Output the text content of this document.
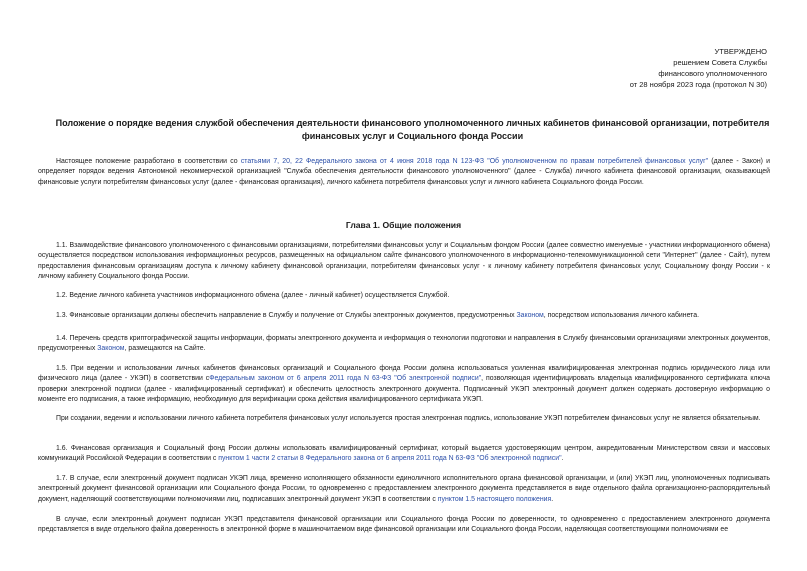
УТВЕРЖДЕНО
решением Совета Службы
финансового уполномоченного
от 28 ноября 2023 года (протокол N 30)
Положение о порядке ведения службой обеспечения деятельности финансового уполномоченного личных кабинетов финансовой организации, потребителя финансовых услуг и Социального фонда России
Настоящее положение разработано в соответствии со статьями 7, 20, 22 Федерального закона от 4 июня 2018 года N 123-ФЗ "Об уполномоченном по правам потребителей финансовых услуг" (далее - Закон) и определяет порядок ведения Автономной некоммерческой организацией "Служба обеспечения деятельности финансового уполномоченного" (далее - Служба) личного кабинета финансовой организации, оказывающей финансовые услуги потребителям финансовых услуг (далее - финансовая организация), личного кабинета потребителя финансовых услуг и личного кабинета Социального фонда России.
Глава 1. Общие положения
1.1. Взаимодействие финансового уполномоченного с финансовыми организациями, потребителями финансовых услуг и Социальным фондом России (далее совместно именуемые - участники информационного обмена) осуществляется посредством использования информационных ресурсов, размещенных на официальном сайте финансового уполномоченного в информационно-телекоммуникационной сети "Интернет" (далее - Сайт), путем предоставления финансовым организациям доступа к личному кабинету финансовой организации, потребителям финансовых услуг - к личному кабинету потребителя финансовых услуг, Социальному фонду России - к личному кабинету Социального фонда России.
1.2. Ведение личного кабинета участников информационного обмена (далее - личный кабинет) осуществляется Службой.
1.3. Финансовые организации должны обеспечить направление в Службу и получение от Службы электронных документов, предусмотренных Законом, посредством использования личного кабинета.
1.4. Перечень средств криптографической защиты информации, форматы электронного документа и информация о технологии подготовки и направления в Службу финансовыми организациями электронных документов, предусмотренных Законом, размещаются на Сайте.
1.5. При ведении и использовании личных кабинетов финансовых организаций и Социального фонда России должна использоваться усиленная квалифицированная электронная подпись юридического лица или физического лица (далее - УКЭП) в соответствии сФедеральным законом от 6 апреля 2011 года N 63-ФЗ "Об электронной подписи", позволяющая идентифицировать владельца квалифицированного сертификата ключа проверки электронной подписи (далее - квалифицированный сертификат) и обеспечить целостность электронного документа. Подписанный УКЭП электронный документ должен содержать достоверную информацию о моменте его подписания, а также информацию, необходимую для верификации срока действия квалифицированного сертификата УКЭП.
При создании, ведении и использовании личного кабинета потребителя финансовых услуг используется простая электронная подпись, использование УКЭП потребителем финансовых услуг не является обязательным.
1.6. Финансовая организация и Социальный фонд России должны использовать квалифицированный сертификат, который выдается удостоверяющим центром, аккредитованным Министерством связи и массовых коммуникаций Российской Федерации в соответствии с пунктом 1 части 2 статьи 8 Федерального закона от 6 апреля 2011 года N 63-ФЗ "Об электронной подписи".
1.7. В случае, если электронный документ подписан УКЭП лица, временно исполняющего обязанности единоличного исполнительного органа финансовой организации, и (или) УКЭП лиц, уполномоченных подписывать электронный документ финансовой организации или Социального фонда России, то одновременно с предоставлением электронного документа представляется в виде отдельного файла организационно-распорядительный документ, наделяющий соответствующими полномочиями лиц, подписавших электронный документ УКЭП в соответствии с пунктом 1.5 настоящего положения.
В случае, если электронный документ подписан УКЭП представителя финансовой организации или Социального фонда России по доверенности, то одновременно с предоставлением электронного документа представляется в виде отдельного файла доверенность в электронной форме в машиночитаемом виде финансовой организации или Социального фонда России, наделяющая соответствующими полномочиями ее
